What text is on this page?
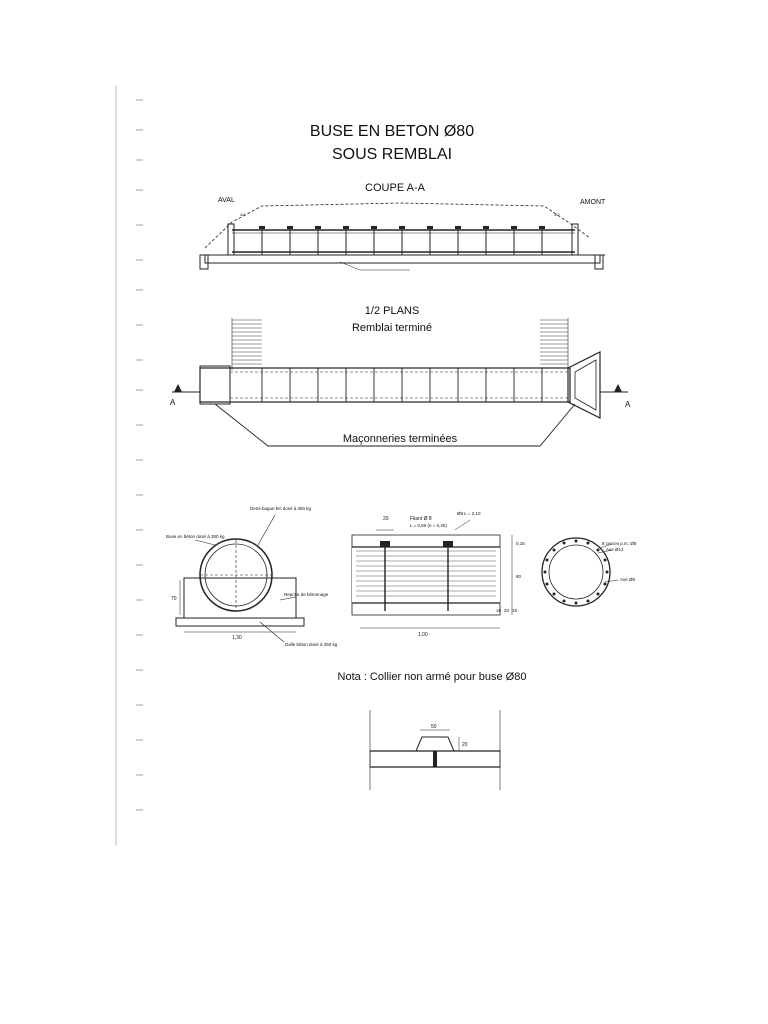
BUSE EN BETON Ø80
SOUS REMBLAI
COUPE A-A
AVAL	AMONT
4/1	3/2
1/2 PLANS
Remblai terminé
A	A
Maçonneries terminées
Buse en béton dosé à 350 kg
Demi-bague BA dosé à 350 kg
Reprise de bétonnage
Dalle béton dosé à 250 kg
70
1,30
20	Filant Ø 8
L = 0,50 (e = 0,30)
Ø8 L = 2,10
1,00
0,15
80
15 20 15
8 cerces p.m. Ø8
Axe Ø12
Axe Ø8
Nota : Collier non armé pour buse Ø80
50
20
